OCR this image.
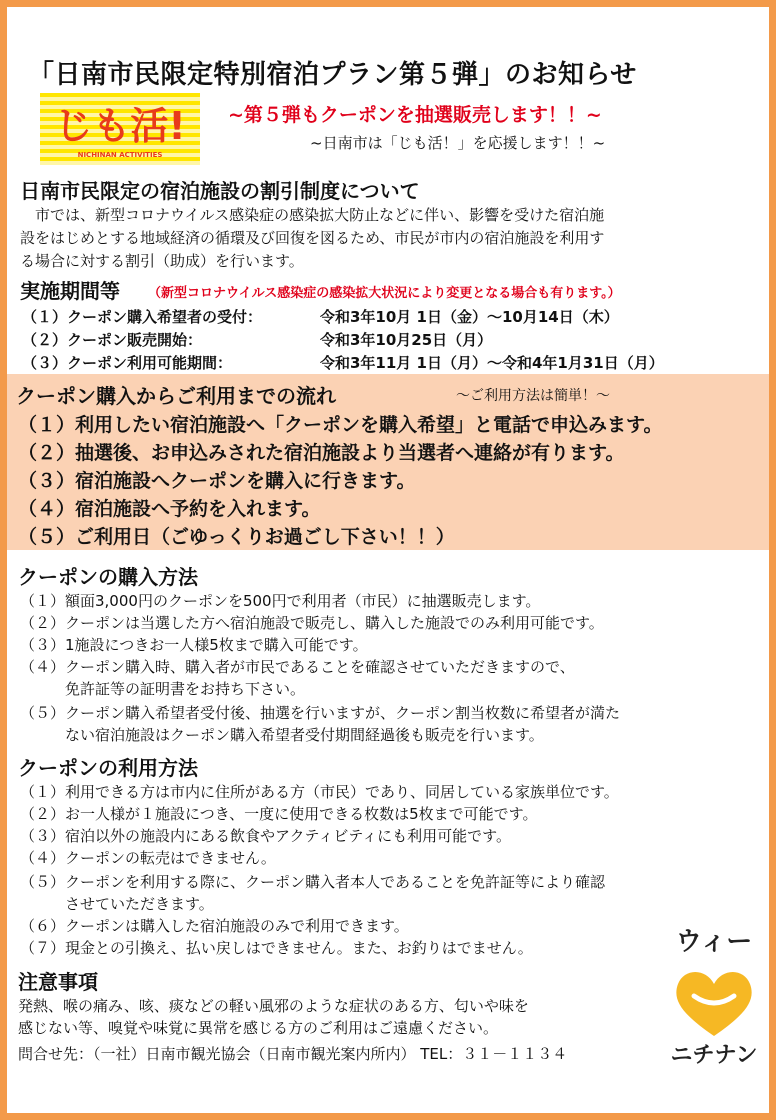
「日南市民限定特別宿泊プラン第５弾」のお知らせ
じも活!
NICHINAN ACTIVITIES
~第５弾もクーポンを抽選販売します！！~
~日南市は「じも活！」を応援します！！~
日南市民限定の宿泊施設の割引制度について
　市では、新型コロナウイルス感染症の感染拡大防止などに伴い、影響を受けた宿泊施
設をはじめとする地域経済の循環及び回復を図るため、市民が市内の宿泊施設を利用す
る場合に対する割引（助成）を行います。
実施期間等 （新型コロナウイルス感染症の感染拡大状況により変更となる場合も有ります。）
（１）クーポン購入希望者の受付：	令和3年10月 1日（金）～10月14日（木）
（２）クーポン販売開始：	令和3年10月25日（月）
（３）クーポン利用可能期間：	令和3年11月 1日（月）～令和4年1月31日（月）
クーポン購入からご利用までの流れ	～ご利用方法は簡単！～
（１）利用したい宿泊施設へ「クーポンを購入希望」と電話で申込みます。
（２）抽選後、お申込みされた宿泊施設より当選者へ連絡が有ります。
（３）宿泊施設へクーポンを購入に行きます。
（４）宿泊施設へ予約を入れます。
（５）ご利用日（ごゆっくりお過ごし下さい！！）
クーポンの購入方法
（１）額面3,000円のクーポンを500円で利用者（市民）に抽選販売します。
（２）クーポンは当選した方へ宿泊施設で販売し、購入した施設でのみ利用可能です。
（３）1施設につきお一人様5枚まで購入可能です。
（４）クーポン購入時、購入者が市民であることを確認させていただきますので、
　　　免許証等の証明書をお持ち下さい。
（５）クーポン購入希望者受付後、抽選を行いますが、クーポン割当枚数に希望者が満た
　　　ない宿泊施設はクーポン購入希望者受付期間経過後も販売を行います。
クーポンの利用方法
（１）利用できる方は市内に住所がある方（市民）であり、同居している家族単位です。
（２）お一人様が１施設につき、一度に使用できる枚数は5枚まで可能です。
（３）宿泊以外の施設内にある飲食やアクティビティにも利用可能です。
（４）クーポンの転売はできません。
（５）クーポンを利用する際に、クーポン購入者本人であることを免許証等により確認
　　　させていただきます。
（６）クーポンは購入した宿泊施設のみで利用できます。
（７）現金との引換え、払い戻しはできません。また、お釣りはでません。
注意事項
発熱、喉の痛み、咳、痰などの軽い風邪のような症状のある方、匂いや味を
感じない等、嗅覚や味覚に異常を感じる方のご利用はご遠慮ください。
問合せ先：（一社）日南市観光協会（日南市観光案内所内） TEL：３１－１１３４
ウィー
ニチナン
